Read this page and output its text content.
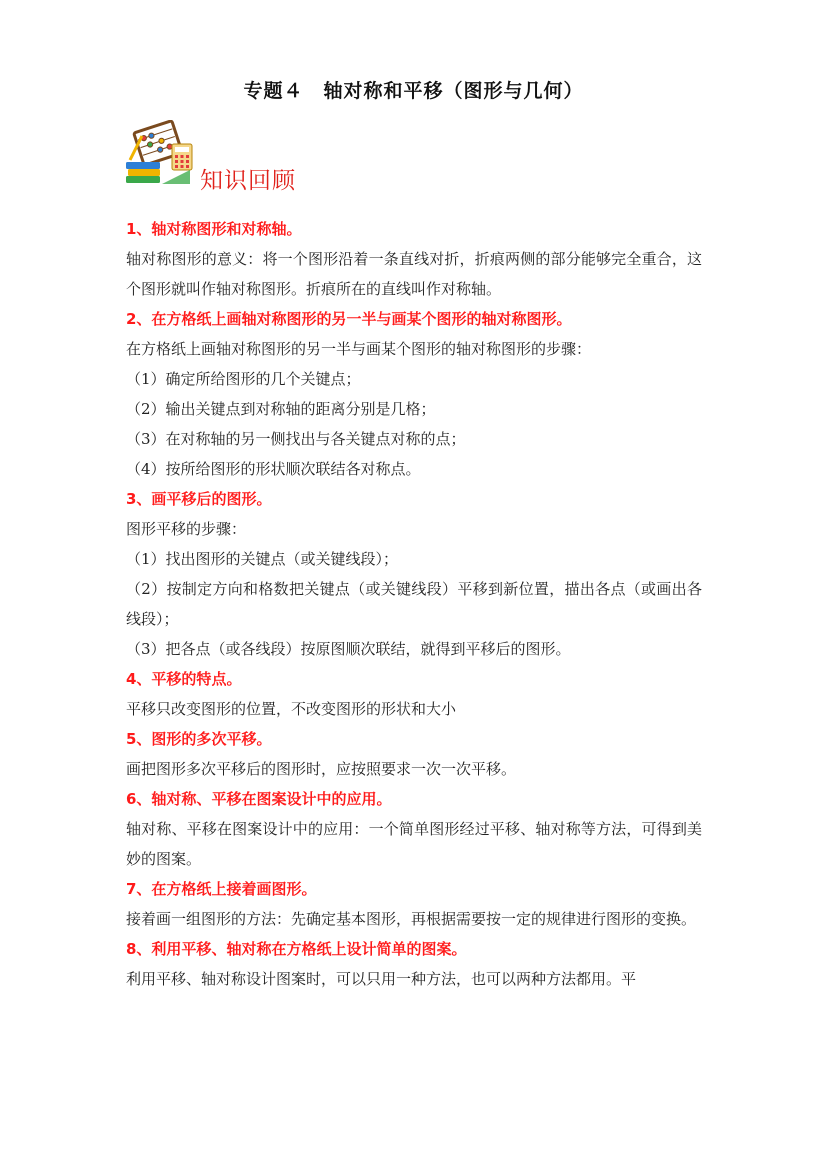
专题４　轴对称和平移（图形与几何）
知识回顾
1、轴对称图形和对称轴。
轴对称图形的意义：将一个图形沿着一条直线对折，折痕两侧的部分能够完全重合，这个图形就叫作轴对称图形。折痕所在的直线叫作对称轴。
2、在方格纸上画轴对称图形的另一半与画某个图形的轴对称图形。
在方格纸上画轴对称图形的另一半与画某个图形的轴对称图形的步骤：
（1）确定所给图形的几个关键点；
（2）输出关键点到对称轴的距离分别是几格；
（3）在对称轴的另一侧找出与各关键点对称的点；
（4）按所给图形的形状顺次联结各对称点。
3、画平移后的图形。
图形平移的步骤：
（1）找出图形的关键点（或关键线段）；
（2）按制定方向和格数把关键点（或关键线段）平移到新位置，描出各点（或画出各线段）；
（3）把各点（或各线段）按原图顺次联结，就得到平移后的图形。
4、平移的特点。
平移只改变图形的位置，不改变图形的形状和大小
5、图形的多次平移。
画把图形多次平移后的图形时，应按照要求一次一次平移。
6、轴对称、平移在图案设计中的应用。
轴对称、平移在图案设计中的应用：一个简单图形经过平移、轴对称等方法，可得到美妙的图案。
7、在方格纸上接着画图形。
接着画一组图形的方法：先确定基本图形，再根据需要按一定的规律进行图形的变换。
8、利用平移、轴对称在方格纸上设计简单的图案。
利用平移、轴对称设计图案时，可以只用一种方法，也可以两种方法都用。平
